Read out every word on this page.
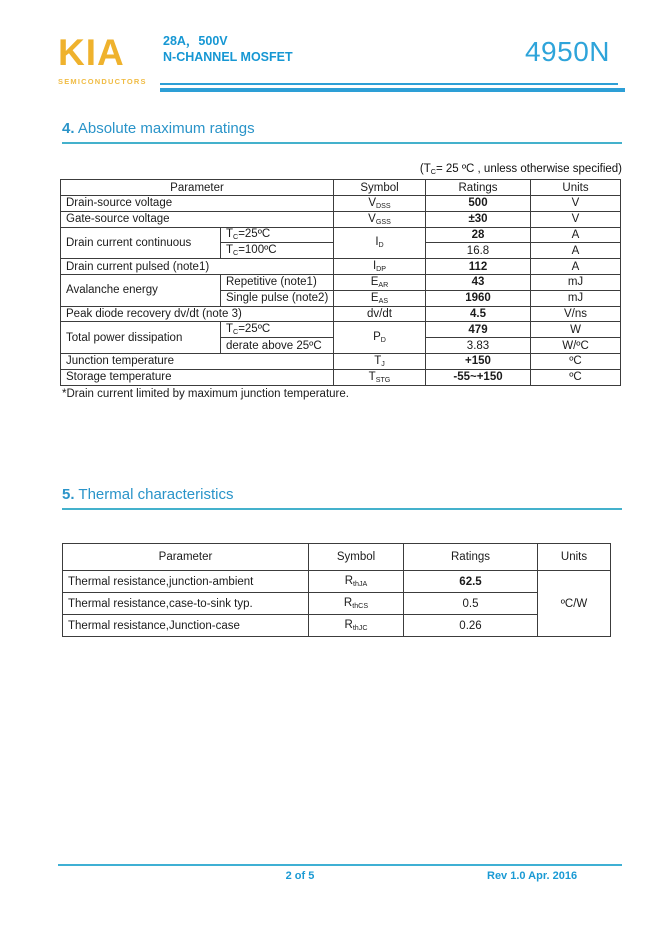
KIA
SEMICONDUCTORS
28A，500V
N-CHANNEL MOSFET	4950N
4. Absolute maximum ratings
(TC= 25 ºC , unless otherwise specified)
Parameter		Symbol	Ratings	Units
Drain-source voltage		VDSS	500	V
Gate-source voltage		VGSS	±30	V
Drain current continuous	TC=25ºC	ID	28	A
	TC=100ºC		16.8	A
Drain current pulsed (note1)		IDP	112	A
Avalanche energy	Repetitive (note1)	EAR	43	mJ
	Single pulse (note2)	EAS	1960	mJ
Peak diode recovery dv/dt (note 3)		dv/dt	4.5	V/ns
Total power dissipation	TC=25ºC	PD	479	W
	derate above 25ºC		3.83	W/ºC
Junction temperature		TJ	+150	ºC
Storage temperature		TSTG	-55~+150	ºC
*Drain current limited by maximum junction temperature.
5. Thermal characteristics
Parameter	Symbol	Ratings	Units
Thermal resistance,junction-ambient	RthJA	62.5	ºC/W
Thermal resistance,case-to-sink typ.	RthCS	0.5	
Thermal resistance,Junction-case	RthJC	0.26	
2 of 5	Rev 1.0 Apr. 2016
